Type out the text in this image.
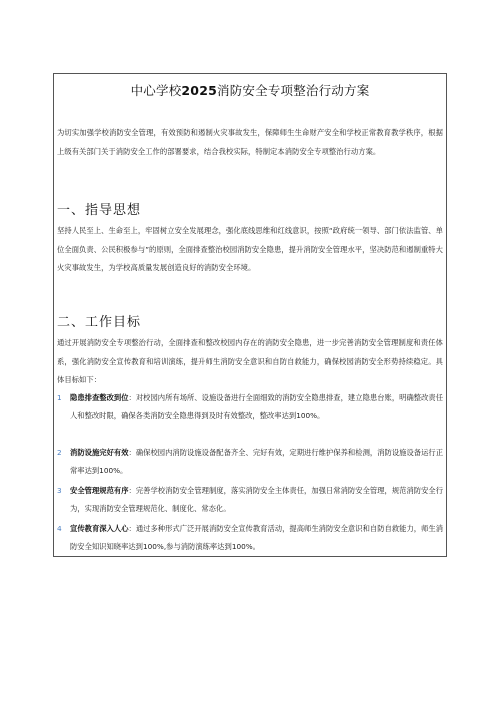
中心学校2025消防安全专项整治行动方案
为切实加强学校消防安全管理，有效预防和遏制火灾事故发生，保障师生生命财产安全和学校正常教育教学秩序，根据上级有关部门关于消防安全工作的部署要求，结合我校实际，特制定本消防安全专项整治行动方案。
一、指导思想
坚持人民至上、生命至上，牢固树立安全发展理念，强化底线思维和红线意识，按照“政府统一领导、部门依法监管、单位全面负责、公民积极参与”的原则，全面排查整治校园消防安全隐患，提升消防安全管理水平，坚决防范和遏制重特大火灾事故发生，为学校高质量发展创造良好的消防安全环境。
二、工作目标
通过开展消防安全专项整治行动，全面排查和整改校园内存在的消防安全隐患，进一步完善消防安全管理制度和责任体系，强化消防安全宣传教育和培训演练，提升师生消防安全意识和自防自救能力，确保校园消防安全形势持续稳定。具体目标如下：
1 隐患排查整改到位：对校园内所有场所、设施设备进行全面细致的消防安全隐患排查，建立隐患台账，明确整改责任人和整改时限，确保各类消防安全隐患得到及时有效整改，整改率达到100%。
2 消防设施完好有效：确保校园内消防设施设备配备齐全、完好有效，定期进行维护保养和检测，消防设施设备运行正常率达到100%。
3 安全管理规范有序：完善学校消防安全管理制度，落实消防安全主体责任，加强日常消防安全管理，规范消防安全行为，实现消防安全管理规范化、制度化、常态化。
4 宣传教育深入人心：通过多种形式广泛开展消防安全宣传教育活动，提高师生消防安全意识和自防自救能力，师生消防安全知识知晓率达到100%,参与消防演练率达到100%。
